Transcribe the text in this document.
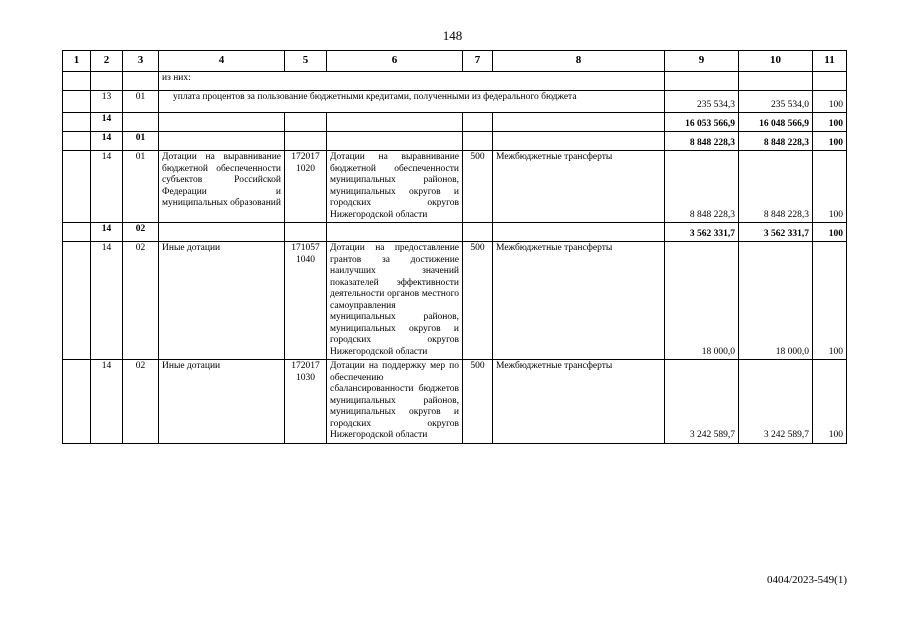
148
1	2	3	4	5	6	7	8	9	10	11
			из них:							
	13	01	уплата процентов за пользование бюджетными кредитами, полученными из федерального бюджета					235 534,3	235 534,0	100
	14							16 053 566,9	16 048 566,9	100
	14	01						8 848 228,3	8 848 228,3	100
	14	01	Дотации на выравнивание бюджетной обеспеченности субъектов Российской Федерации и муниципальных образований	172017 1020	Дотации на выравнивание бюджетной обеспеченности муниципальных районов, муниципальных округов и городских округов Нижегородской области	500	Межбюджетные трансферты	8 848 228,3	8 848 228,3	100
	14	02						3 562 331,7	3 562 331,7	100
	14	02	Иные дотации	171057 1040	Дотации на предоставление грантов за достижение наилучших значений показателей эффективности деятельности органов местного самоуправления муниципальных районов, муниципальных округов и городских округов Нижегородской области	500	Межбюджетные трансферты	18 000,0	18 000,0	100
	14	02	Иные дотации	172017 1030	Дотации на поддержку мер по обеспечению сбалансированности бюджетов муниципальных районов, муниципальных округов и городских округов Нижегородской области	500	Межбюджетные трансферты	3 242 589,7	3 242 589,7	100
0404/2023-549(1)
